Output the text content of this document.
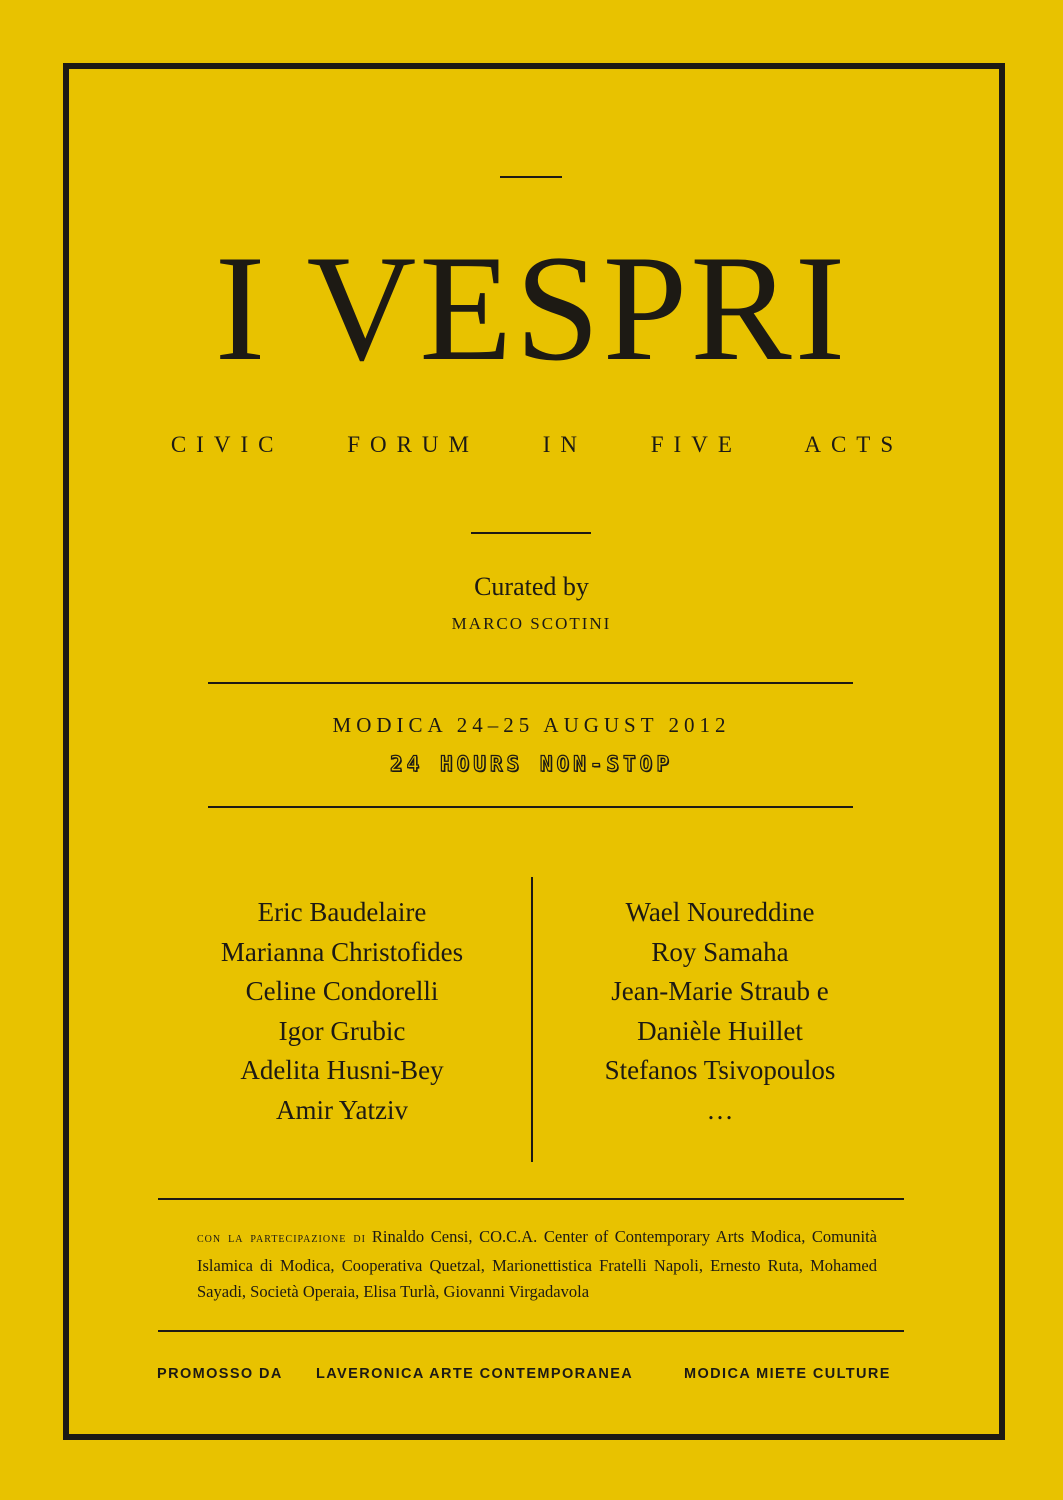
I VESPRI
CIVIC FORUM IN FIVE ACTS
Curated by
MARCO SCOTINI
MODICA 24–25 AUGUST 2012
24 HOURS NON-STOP
Eric Baudelaire
Marianna Christofides
Celine Condorelli
Igor Grubic
Adelita Husni-Bey
Amir Yatziv
Wael Noureddine
Roy Samaha
Jean-Marie Straub e
Danièle Huillet
Stefanos Tsivopoulos
…
con la partecipazione di Rinaldo Censi, CO.C.A. Center of Contemporary Arts Modica, Comunità Islamica di Modica, Cooperativa Quetzal, Marionettistica Fratelli Napoli, Ernesto Ruta, Mohamed Sayadi, Società Operaia, Elisa Turlà, Giovanni Virgadavola
PROMOSSO DA LAVERONICA ARTE CONTEMPORANEA	MODICA MIETE CULTURE
